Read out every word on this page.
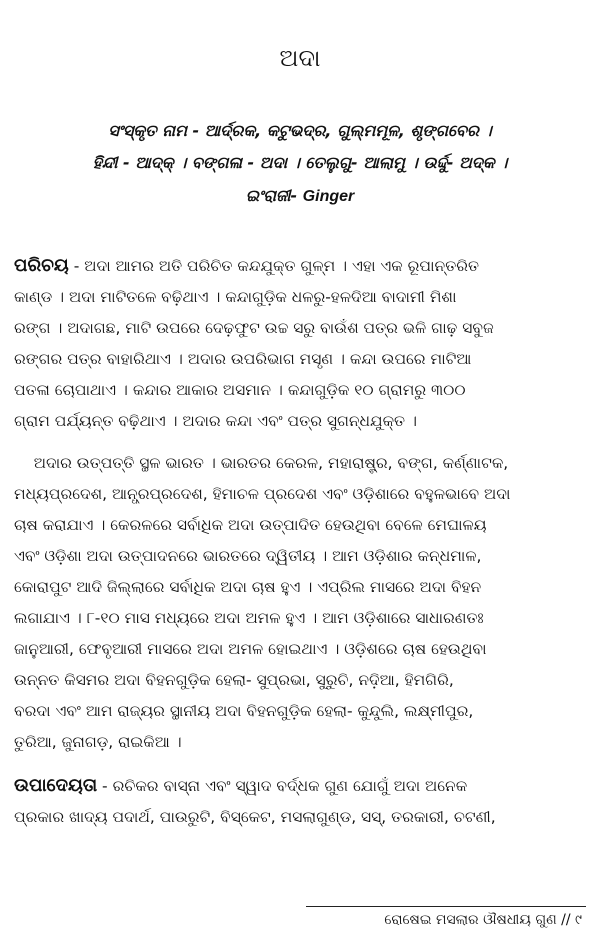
ଅଦା
ସଂସ୍କୃତ ନାମ - ଆର୍ଦ୍ରକ, କଟୁଭଦ୍ର, ଗୁଲ୍ମମୂଳ, ଶୃଙ୍ଗବେର ।
ହିନ୍ଦୀ - ଆଦ୍‌କ୍ । ବଙ୍ଗଳା - ଅଦା । ତେଲୁଗୁ- ଆଲାମୁ । ଉର୍ଦ୍ଦୁ- ଅଦ୍‌କ ।
ଇଂରାଜୀ- Ginger
ପରିଚୟ - ଅଦା ଆମର ଅତି ପରିଚିତ କନ୍ଦଯୁକ୍ତ ଗୁଳ୍ମ । ଏହା ଏକ ରୂପାନ୍ତରିତ
କାଣ୍ଡ । ଅଦା ମାଟିତଳେ ବଢ଼ିଥାଏ । କନ୍ଦାଗୁଡ଼ିକ ଧଳରୁ-ହଳଦିଆ ବାଦାମୀ ମିଶା
ରଙ୍ଗ । ଅଦାଗଛ, ମାଟି ଉପରେ ଦେଢ଼ଫୁଟ ଉଚ୍ଚ ସରୁ ବାଉଁଶ ପତ୍ର ଭଳି ଗାଢ଼ ସବୁଜ
ରଙ୍ଗର ପତ୍ର ବାହାରିଥାଏ । ଅଦାର ଉପରିଭାଗ ମସୃଣ । କନ୍ଦା ଉପରେ ମାଟିଆ
ପତଳା ଚୋପାଥାଏ । କନ୍ଦାର ଆକାର ଅସମାନ । କନ୍ଦାଗୁଡ଼ିକ ୧୦ ଗ୍ରାମରୁ ୩୦୦
ଗ୍ରାମ ପର୍ଯ୍ୟନ୍ତ ବଢ଼ିଥାଏ । ଅଦାର କନ୍ଦା ଏବଂ ପତ୍ର ସୁଗନ୍ଧଯୁକ୍ତ ।
ଅଦାର ଉତ୍ପତ୍ତି ସ୍ଥଳ ଭାରତ । ଭାରତର କେରଳ, ମହାରାଷ୍ଟ୍ର, ବଙ୍ଗ, କର୍ଣ୍ଣାଟକ,
ମଧ୍ୟପ୍ରଦେଶ, ଆନ୍ଧ୍ରପ୍ରଦେଶ, ହିମାଚଳ ପ୍ରଦେଶ ଏବଂ ଓଡ଼ିଶାରେ ବହୁଳଭାବେ ଅଦା
ଚାଷ କରାଯାଏ । କେରଳରେ ସର୍ବାଧିକ ଅଦା ଉତ୍ପାଦିତ ହେଉଥିବା ବେଳେ ମେଘାଳୟ
ଏବଂ ଓଡ଼ିଶା ଅଦା ଉତ୍ପାଦନରେ ଭାରତରେ ଦ୍ୱିତୀୟ । ଆମ ଓଡ଼ିଶାର କନ୍ଧମାଳ,
କୋରାପୁଟ ଆଦି ଜିଲ୍ଲାରେ ସର୍ବାଧିକ ଅଦା ଚାଷ ହୁଏ । ଏପ୍ରିଲ ମାସରେ ଅଦା ବିହନ
ଲଗାଯାଏ । ୮-୧୦ ମାସ ମଧ୍ୟରେ ଅଦା ଅମଳ ହୁଏ । ଆମ ଓଡ଼ିଶାରେ ସାଧାରଣତଃ
ଜାନୁଆରୀ, ଫେବୃଆରୀ ମାସରେ ଅଦା ଅମଳ ହୋଇଥାଏ । ଓଡ଼ିଶରେ ଚାଷ ହେଉଥିବା
ଉନ୍ନତ କିସମର ଅଦା ବିହନଗୁଡ଼ିକ ହେଲା- ସୁପ୍ରଭା, ସୁରୁଚି, ନଦ଼ିଆ, ହିମଗିରି,
ବରଦା ଏବଂ ଆମ ରାଜ୍ୟର ସ୍ଥାନୀୟ ଅଦା ବିହନଗୁଡ଼ିକ ହେଲା- କୁନ୍ଦୁଲି, ଲକ୍ଷ୍ମୀପୁର,
ତୁରିଆ, ଜୁନାଗଡ଼, ରାଇକିଆ ।
ଉପାଦେୟତା - ରଚିକର ବାସ୍ନା ଏବଂ ସ୍ୱାଦ ବର୍ଦ୍ଧକ ଗୁଣ ଯୋଗୁଁ ଅଦା ଅନେକ
ପ୍ରକାର ଖାଦ୍ୟ ପଦାର୍ଥ, ପାଉରୁଟି, ବିସ୍କେଟ, ମସଲାଗୁଣ୍ଡ, ସସ୍, ତରକାରୀ, ଚଟଣୀ,
ରୋଷେଇ ମସଲାର ଔଷଧୀୟ ଗୁଣ // ୯
